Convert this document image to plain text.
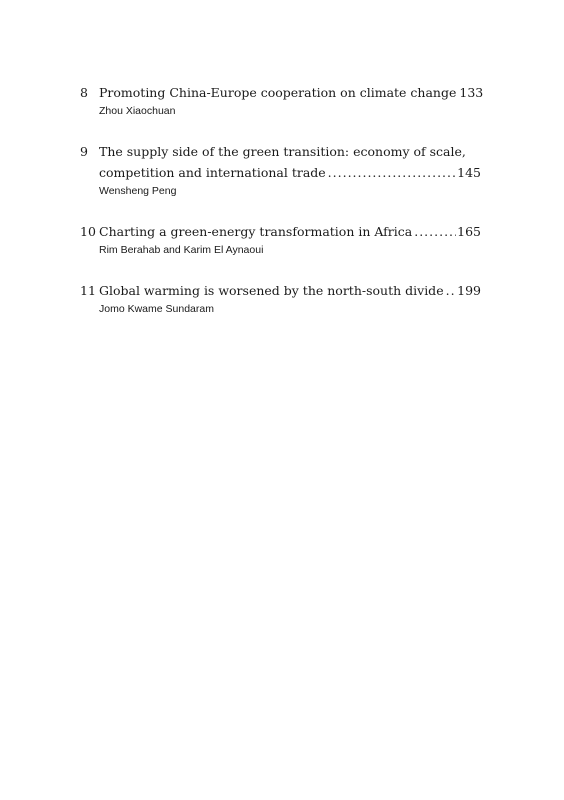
8 Promoting China-Europe cooperation on climate change 133
Zhou Xiaochuan
9 The supply side of the green transition: economy of scale,
competition and international trade .....	145
Wensheng Peng
10 Charting a green-energy transformation in Africa .....	165
Rim Berahab and Karim El Aynaoui
11 Global warming is worsened by the north-south divide ..... 199
Jomo Kwame Sundaram
